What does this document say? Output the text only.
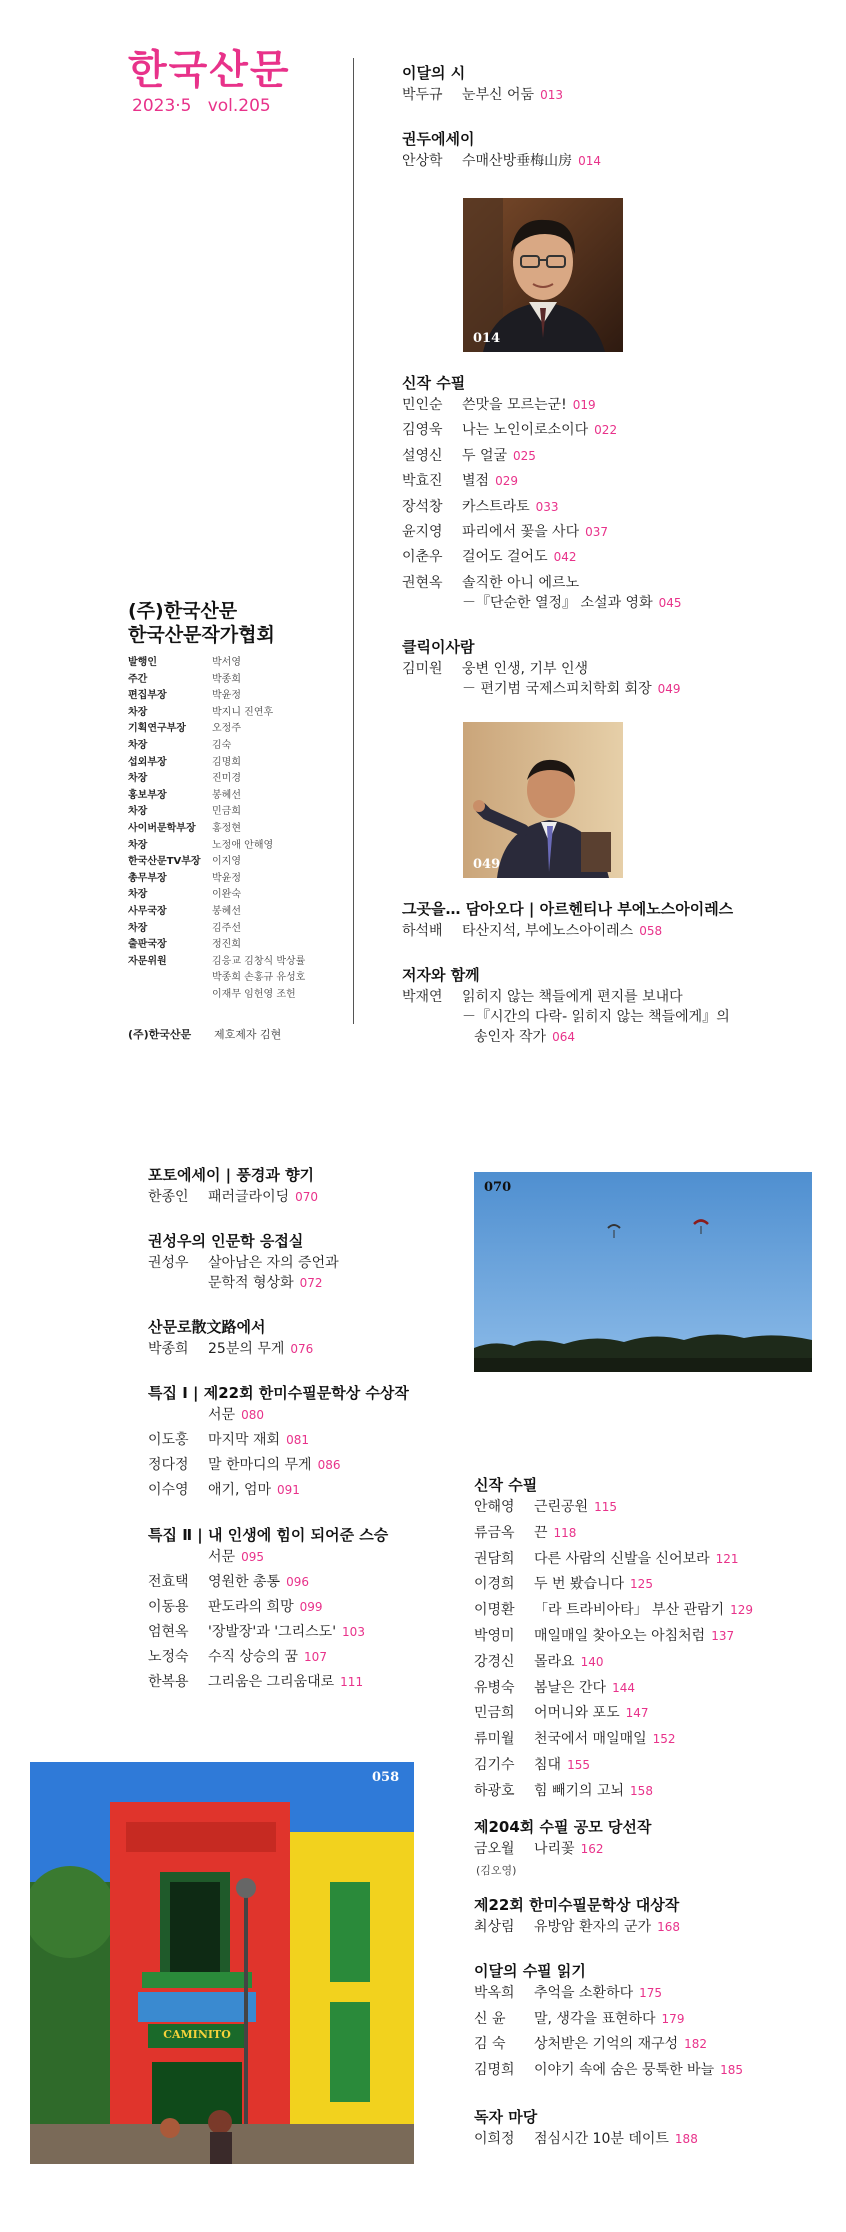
한국산문
2023·5   vol.205
(주)한국산문
한국산문작가협회
발행인	박서영
주간	박종희
편집부장	박윤정
차장	박지니 진연후
기획연구부장	오정주
차장	김숙
섭외부장	김명희
차장	진미경
홍보부장	봉혜선
차장	민금희
사이버문학부장 홍정현
차장	노정애 안해영
한국산문TV부장 이지영
총무부장	박윤정
차장	이완숙
사무국장	봉혜선
차장	김주선
출판국장	정진희
자문위원	김응교 김창식 박상률
박종희 손홍규 유성호
이재무 임헌영 조헌
(주)한국산문 제호제자 김현
이달의 시
박두규 눈부신 어둠 013
권두에세이
안상학 수매산방垂梅山房 014
014
신작 수필
민인순 쓴맛을 모르는군! 019
김영욱 나는 노인이로소이다 022
설영신 두 얼굴 025
박효진 별점 029
장석창 카스트라토 033
윤지영 파리에서 꽃을 사다 037
이춘우 걸어도 걸어도 042
권현옥 솔직한 아니 에르노
－『단순한 열정』 소설과 영화 045
클릭이사람
김미원 웅변 인생, 기부 인생
－ 편기범 국제스피치학회 회장 049
049
그곳을… 담아오다 | 아르헨티나 부에노스아이레스
하석배 타산지석, 부에노스아이레스 058
저자와 함께
박재연 읽히지 않는 책들에게 편지를 보내다
－『시간의 다락- 읽히지 않는 책들에게』의
송인자 작가 064
포토에세이 | 풍경과 향기
한종인 패러글라이딩 070
권성우의 인문학 응접실
권성우 살아남은 자의 증언과
문학적 형상화 072
산문로散文路에서
박종희 25분의 무게 076
특집 Ⅰ | 제22회 한미수필문학상 수상작
서문 080
이도홍 마지막 재회 081
정다정 말 한마디의 무게 086
이수영 애기, 엄마 091
특집 Ⅱ | 내 인생에 힘이 되어준 스승
서문 095
전효택 영원한 총통 096
이동용 판도라의 희망 099
엄현옥 '장발장'과 '그리스도' 103
노정숙 수직 상승의 꿈 107
한복용 그리움은 그리움대로 111
070
CAMINITO
058
신작 수필
안해영 근린공원 115
류금옥 끈 118
권담희 다른 사람의 신발을 신어보라 121
이경희 두 번 봤습니다 125
이명환 「라 트라비아타」 부산 관람기 129
박영미 매일매일 찾아오는 아침처럼 137
강경신 몰라요 140
유병숙 봄날은 간다 144
민금희 어머니와 포도 147
류미월 천국에서 매일매일 152
김기수 침대 155
하광호 힘 빼기의 고뇌 158
제204회 수필 공모 당선작
금오월 나리꽃 162
(김오영)
제22회 한미수필문학상 대상작
최상림 유방암 환자의 군가 168
이달의 수필 읽기
박옥희 추억을 소환하다 175
신 윤 말, 생각을 표현하다 179
김 숙 상처받은 기억의 재구성 182
김명희 이야기 속에 숨은 뭉툭한 바늘 185
독자 마당
이희정 점심시간 10분 데이트 188
